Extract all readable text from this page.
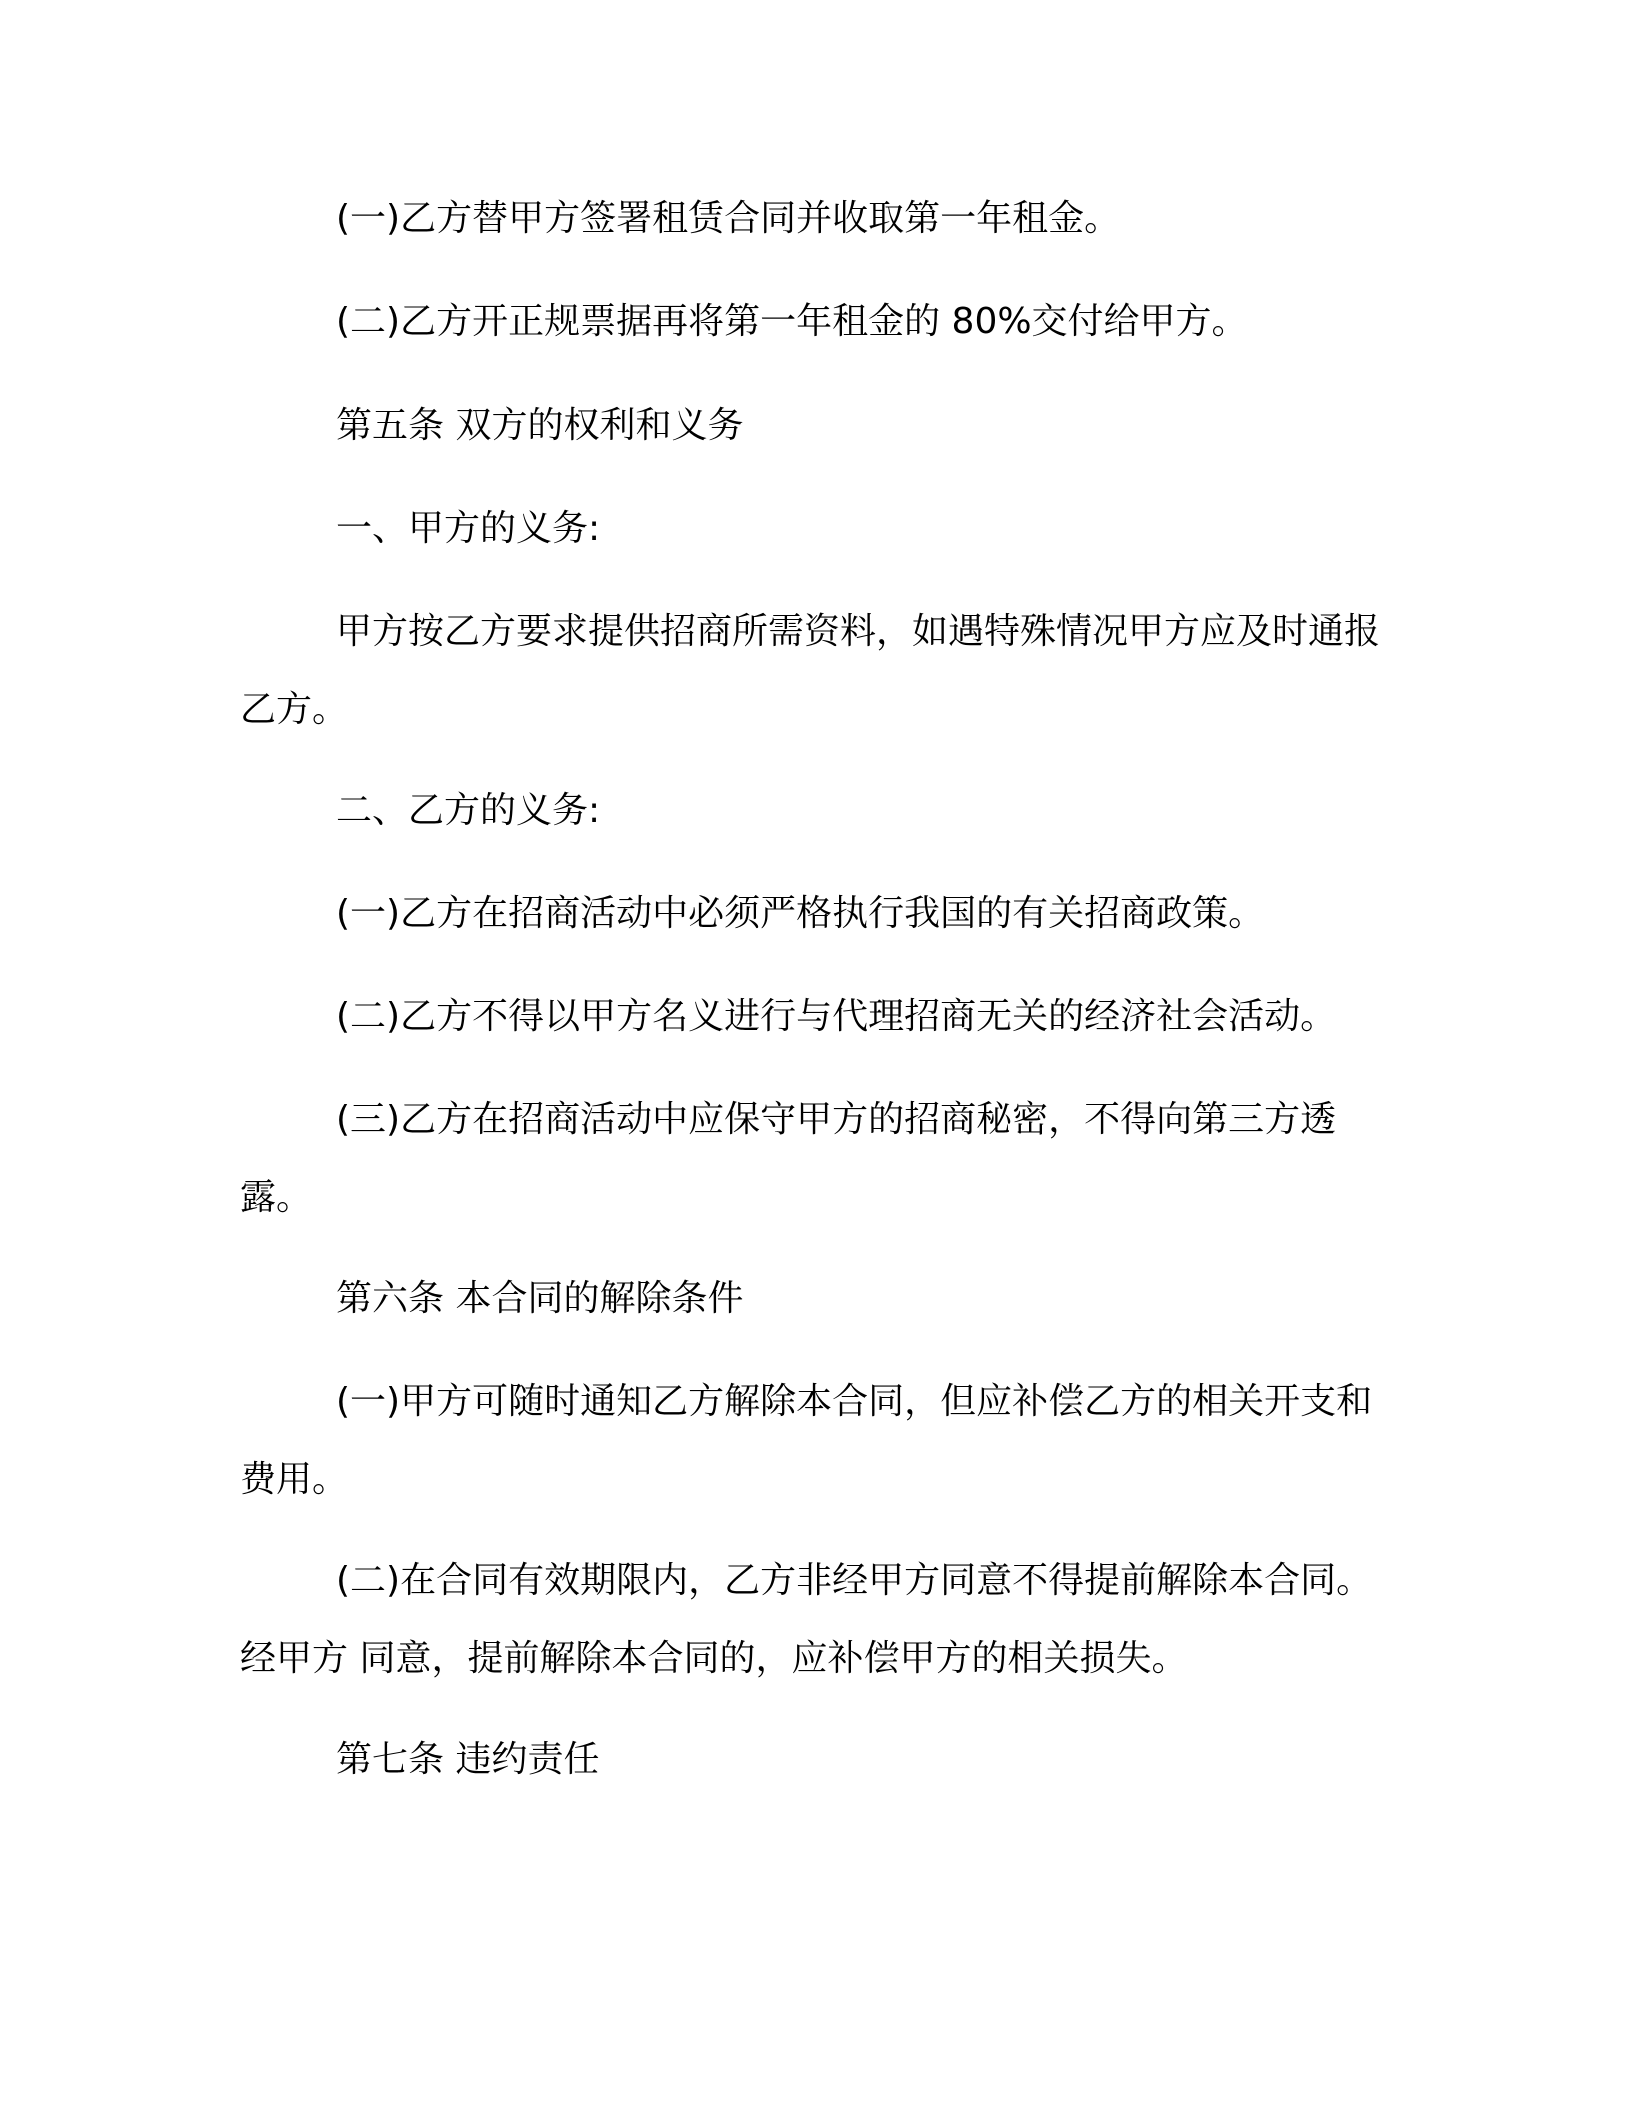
(一)乙方替甲方签署租赁合同并收取第一年租金。

(二)乙方开正规票据再将第一年租金的 80%交付给甲方。

第五条 双方的权利和义务

一、甲方的义务:

甲方按乙方要求提供招商所需资料，如遇特殊情况甲方应及时通报乙方。

二、乙方的义务:

(一)乙方在招商活动中必须严格执行我国的有关招商政策。

(二)乙方不得以甲方名义进行与代理招商无关的经济社会活动。

(三)乙方在招商活动中应保守甲方的招商秘密，不得向第三方透露。

第六条 本合同的解除条件

(一)甲方可随时通知乙方解除本合同，但应补偿乙方的相关开支和费用。

(二)在合同有效期限内，乙方非经甲方同意不得提前解除本合同。经甲方 同意，提前解除本合同的，应补偿甲方的相关损失。

第七条 违约责任
